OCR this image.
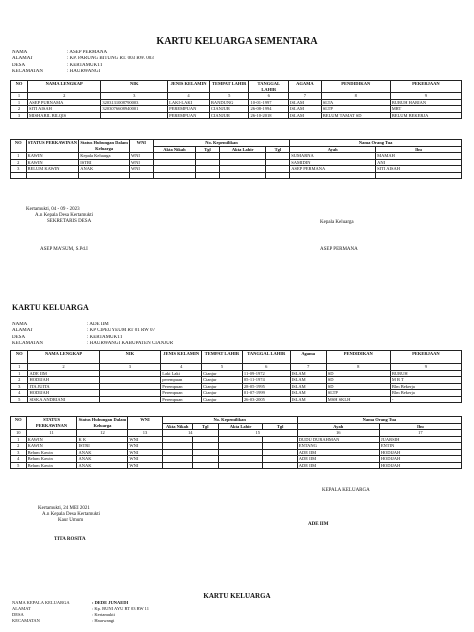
KARTU KELUARGA SEMENTARA
NAMA	: ASEP PERMANA
ALAMAT	: KP. PARUNG BITUNG RT. 003 RW. 003
DESA	: KERTAMUKTI
KECAMATAN	: HAURWANGI
NO	NAMA LENGKAP	NIK	JENIS KELAMIN	TEMPAT LAHIR	TANGGAL LAHIR	AGAMA	PENDIDIKAN	PEKERJAAN
1	2	3	4	5	6	7	8	9
1	ASEP PURNAMA	3203131008790003	LAKI-LAKI	BANDUNG	10-01-1997	ISLAM	SLTA	BURUH HARIAN
2	SITI AISAH	3203076608940001	PEREMPUAN	CIANJUR	26-08-1994	ISLAM	SLTP	MRT
3	MISHABIL BILQIS		PEREMPUAN	CIANJUR	26-10-2018	ISLAM	BELUM TAMAT SD	BELUM BEKERJA
NO	STATUS PERKAWINAN	Status Hubungan Dalam Keluarga	WNI	No. Kepemilikan				Nama Orang Tua	
				Akta Nikah	Tgl	Akta Lahir	Tgl	Ayah	Ibu
1	KAWIN	Kepala Keluarga	WNI					SUMARNA	MAMAH
2	KAWIN	ISTRI	WNI					SAMIDIN	ANI
3	BELUM KAWIN	ANAK	WNI					ASEP PERMANA	SITI AISAH

Kertamukti, 04 - 09 - 2023
A.n Kepala Desa Kertamukti
SEKRETARIS DESA	Kepala Keluarga
ASEP MA'SUM, S.Pd.I	ASEP PERMANA
KARTU KELUARGA
NAMA	: ADE IIM
ALAMAT	: KP CIPEUYEUM RT 01 RW 07
DESA	: KERTAMUKTI
KECAMATAN	: HAURWANGI KABUPATEN CIANJUR
NO	NAMA LENGKAP	NIK	JENIS KELAMIN	TEMPAT LAHIR	TANGGAL LAHIR	Agama	PENDIDIKAN	PEKERJAAN
1	2	3	4	5	6	7	8	9
1	ADE IIM		Laki Laki	Cianjur	11-09-1972	ISLAM	SD	BURUH
2	HODIJAH		perempuan	Cianjur	05-11-1974	ISLAM	SD	M R T
3	ITA JUITA		Perempuan	Cianjur	28-05-1995	ISLAM	SD	Blm Bekerja
4	HODIJAH		Perempuan	Cianjur	01-07-1999	ISLAM	SLTP	Blm Bekerja
5	SISKA ANDRIANI		Perempuan	Cianjur	26-03-2005	ISLAM	MSH SKLH	-
NO	STATUS PERKAWINAN	Status Hubungan Dalam Keluarga	WNI	No. Kepemilikan				Nama Orang Tua	
				Akta Nikah	Tgl	Akta Lahir	Tgl	Ayah	Ibu
10	11	12	13	14		15		16	17
1	KAWIN	K K	WNI					DUDU DURAHMAN	JUARSIH
2	KAWIN	ISTRI	WNI					ENTANG	ENTIN
3	Belum Kawin	ANAK	WNI					ADE IIM	HODIJAH
4	Belum Kawin	ANAK	WNI					ADE IIM	HODIJAH
5	Belum Kawin	ANAK	WNI					ADE IIM	HODIJAH
KEPALA KELUARGA
Kertamukti, 24 MEI 2021
A.n Kepala Desa Kertamukti
Kaur Umum
ADE IIM
TITA ROSITA
KARTU KELUARGA
NAMA KEPALA KELUARGA	: DEDE JUNAEDI
ALAMAT	: Kp. BUNI AYU RT 03 RW 11
DESA	: Kertamukti
KECAMATAN	: Haurwangi
